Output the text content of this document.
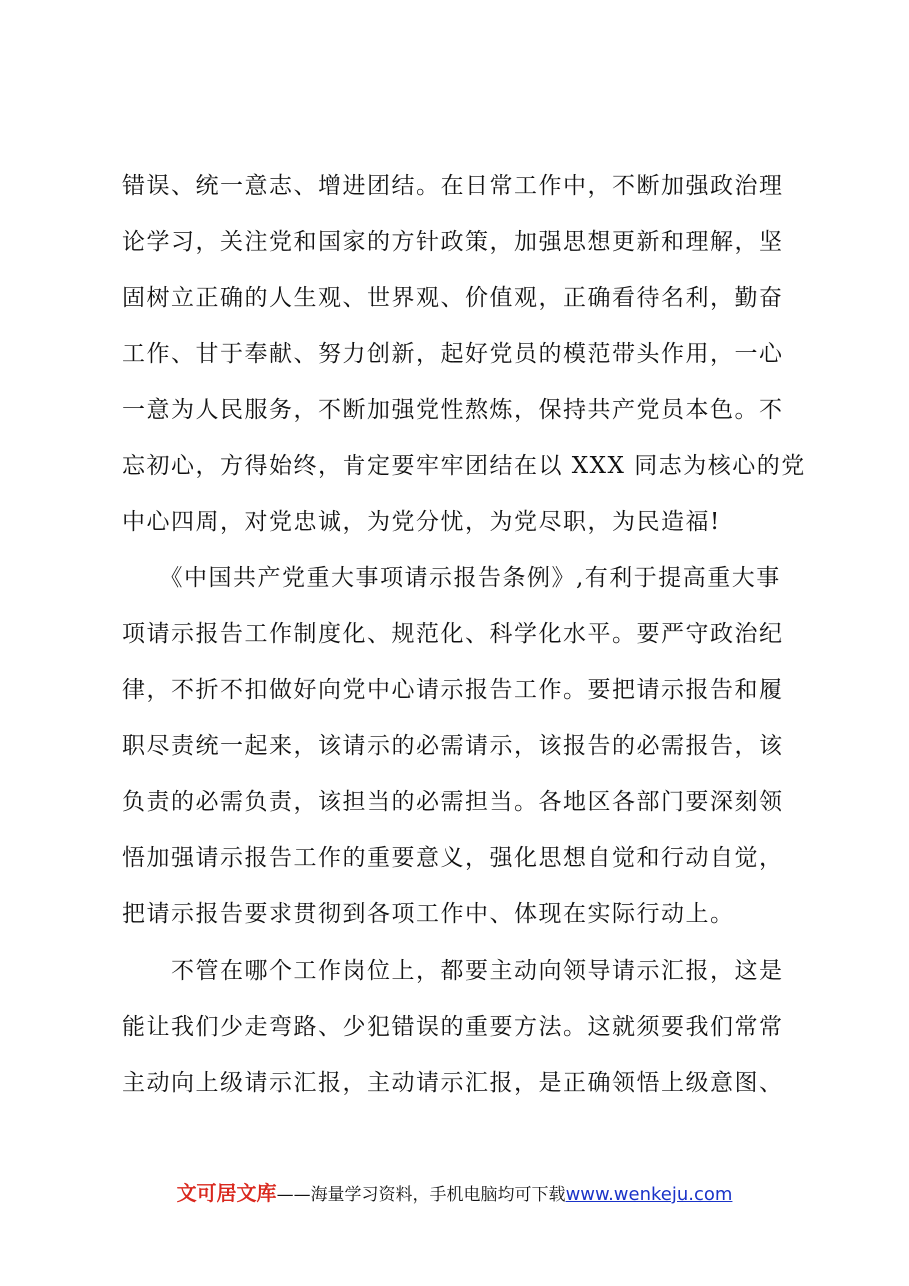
错误、统一意志、增进团结。在日常工作中，不断加强政治理
论学习，关注党和国家的方针政策，加强思想更新和理解，坚
固树立正确的人生观、世界观、价值观，正确看待名利，勤奋
工作、甘于奉献、努力创新，起好党员的模范带头作用，一心
一意为人民服务，不断加强党性熬炼，保持共产党员本色。不
忘初心，方得始终，肯定要牢牢团结在以 XXX 同志为核心的党
中心四周，对党忠诚，为党分忧，为党尽职，为民造福!
　　《中国共产党重大事项请示报告条例》,有利于提高重大事
项请示报告工作制度化、规范化、科学化水平。要严守政治纪
律，不折不扣做好向党中心请示报告工作。要把请示报告和履
职尽责统一起来，该请示的必需请示，该报告的必需报告，该
负责的必需负责，该担当的必需担当。各地区各部门要深刻领
悟加强请示报告工作的重要意义，强化思想自觉和行动自觉，
把请示报告要求贯彻到各项工作中、体现在实际行动上。
　　不管在哪个工作岗位上，都要主动向领导请示汇报，这是
能让我们少走弯路、少犯错误的重要方法。这就须要我们常常
主动向上级请示汇报，主动请示汇报，是正确领悟上级意图、
文可居文库——海量学习资料，手机电脑均可下载www.wenkeju.com
